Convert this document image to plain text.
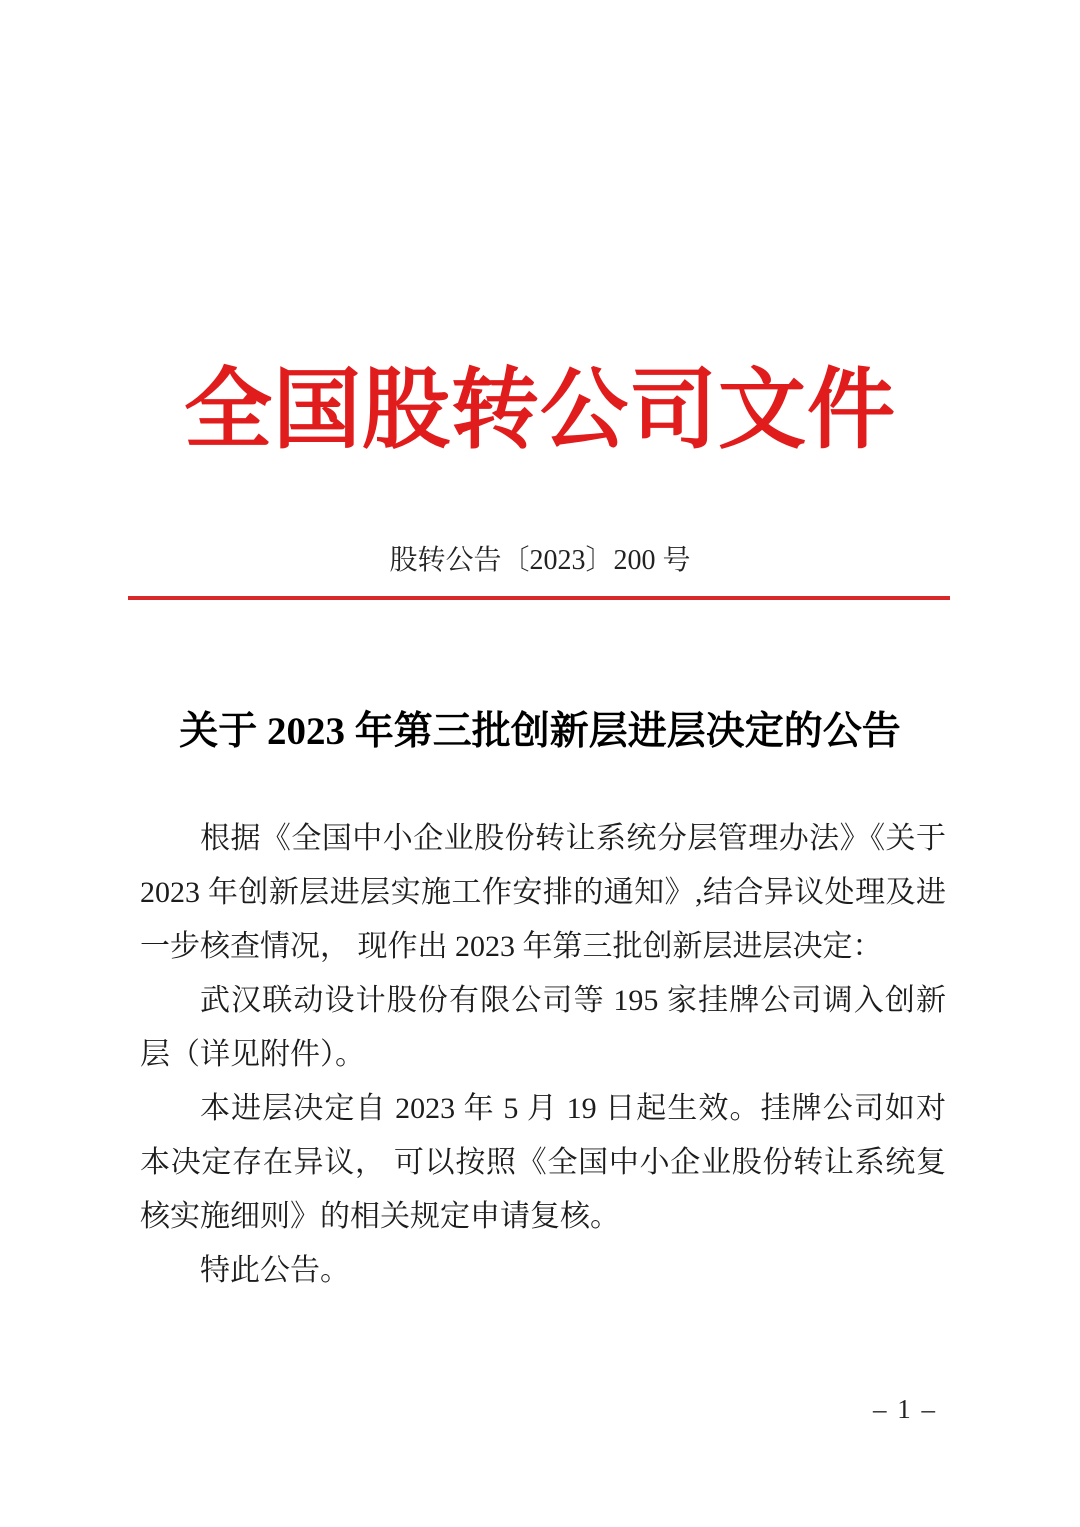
全国股转公司文件
股转公告〔2023〕200 号
关于 2023 年第三批创新层进层决定的公告

根据《全国中小企业股份转让系统分层管理办法》《关于 2023 年创新层进层实施工作安排的通知》,结合异议处理及进一步核查情况， 现作出 2023 年第三批创新层进层决定：

武汉联动设计股份有限公司等 195 家挂牌公司调入创新层（详见附件）。

本进层决定自 2023 年 5 月 19 日起生效。挂牌公司如对本决定存在异议， 可以按照《全国中小企业股份转让系统复核实施细则》的相关规定申请复核。

特此公告。

– 1 –
